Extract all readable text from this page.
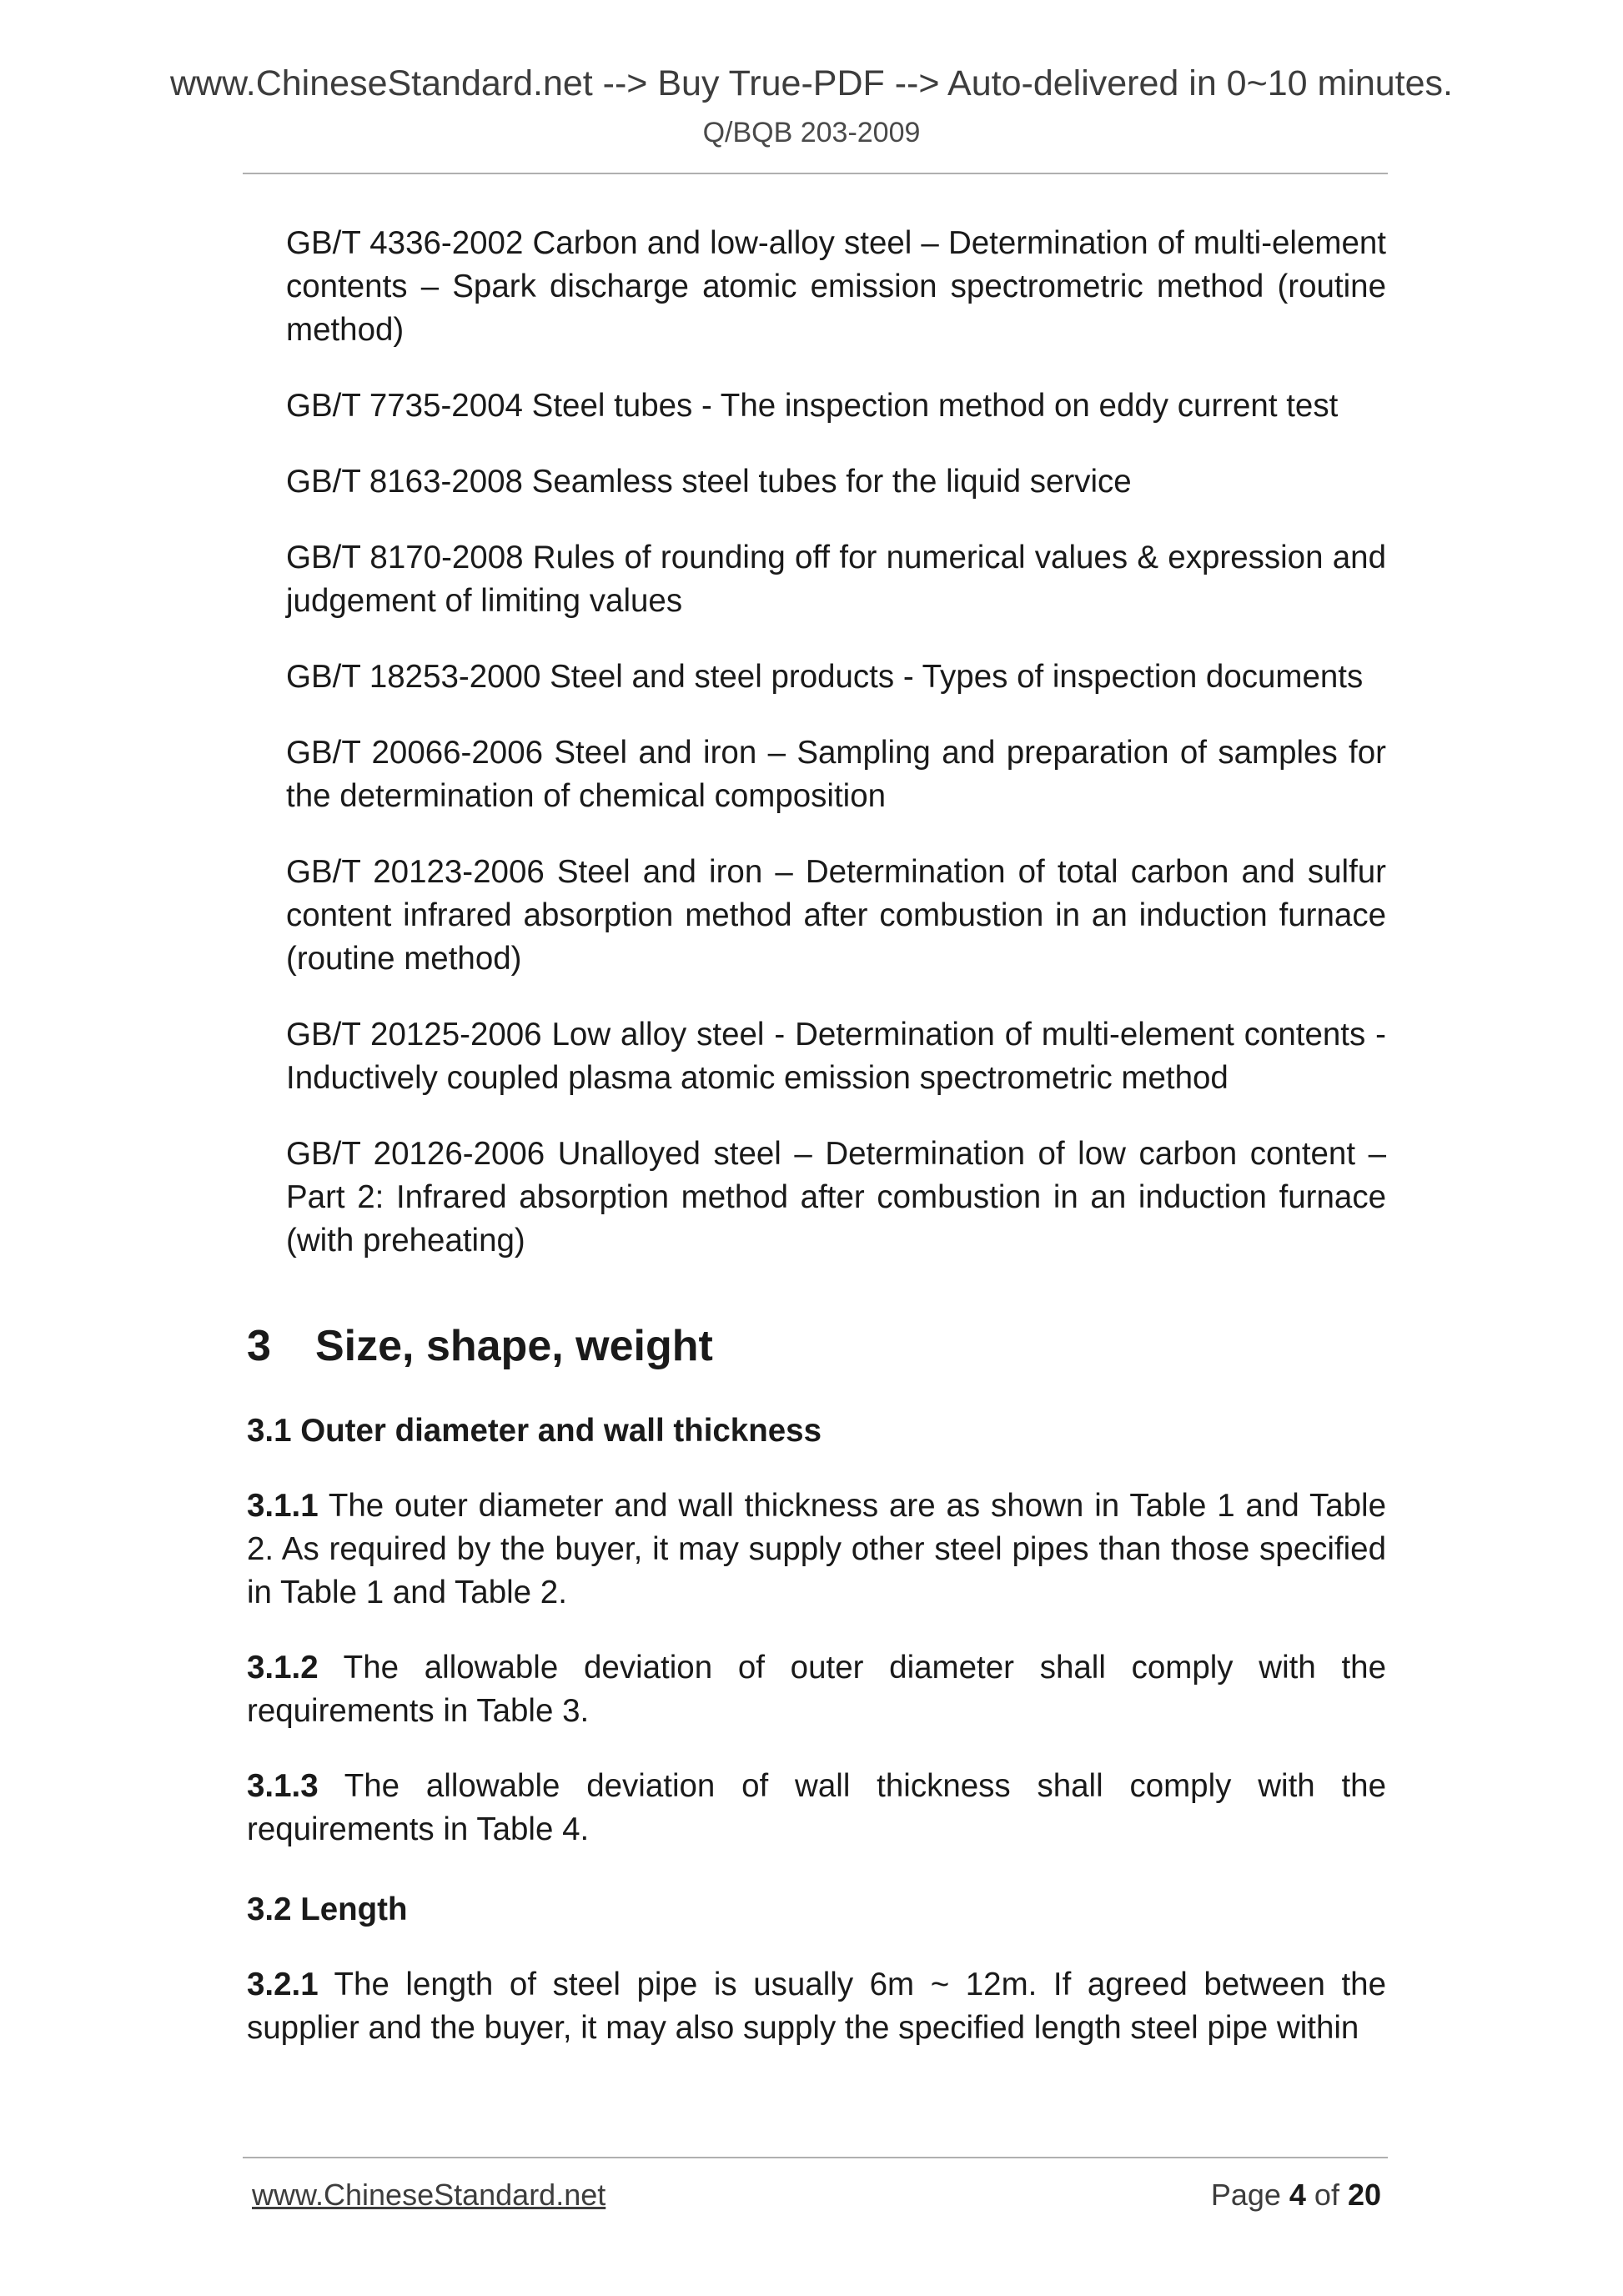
www.ChineseStandard.net --> Buy True-PDF --> Auto-delivered in 0~10 minutes.
Q/BQB 203-2009
GB/T 4336-2002 Carbon and low-alloy steel – Determination of multi-element contents – Spark discharge atomic emission spectrometric method (routine method)
GB/T 7735-2004 Steel tubes - The inspection method on eddy current test
GB/T 8163-2008 Seamless steel tubes for the liquid service
GB/T 8170-2008 Rules of rounding off for numerical values & expression and judgement of limiting values
GB/T 18253-2000 Steel and steel products - Types of inspection documents
GB/T 20066-2006 Steel and iron – Sampling and preparation of samples for the determination of chemical composition
GB/T 20123-2006 Steel and iron – Determination of total carbon and sulfur content infrared absorption method after combustion in an induction furnace (routine method)
GB/T 20125-2006 Low alloy steel - Determination of multi-element contents - Inductively coupled plasma atomic emission spectrometric method
GB/T 20126-2006 Unalloyed steel – Determination of low carbon content – Part 2: Infrared absorption method after combustion in an induction furnace (with preheating)
3 Size, shape, weight
3.1 Outer diameter and wall thickness

3.1.1 The outer diameter and wall thickness are as shown in Table 1 and Table 2. As required by the buyer, it may supply other steel pipes than those specified in Table 1 and Table 2.

3.1.2 The allowable deviation of outer diameter shall comply with the requirements in Table 3.

3.1.3 The allowable deviation of wall thickness shall comply with the requirements in Table 4.

3.2 Length

3.2.1 The length of steel pipe is usually 6m ~ 12m. If agreed between the supplier and the buyer, it may also supply the specified length steel pipe within

www.ChineseStandard.net	Page 4 of 20
